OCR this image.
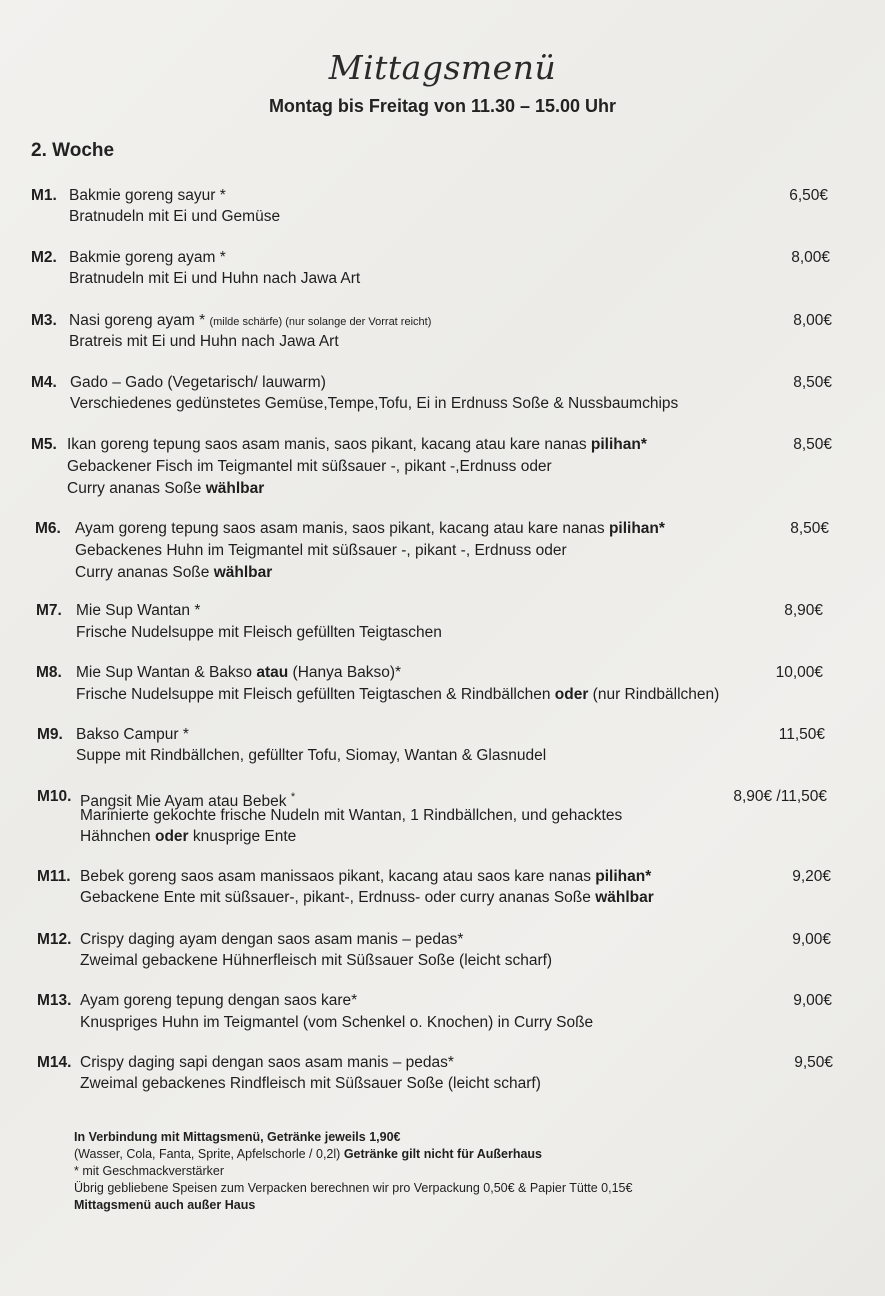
Mittagsmenü
Montag bis Freitag von 11.30 – 15.00 Uhr
2. Woche
M1. Bakmie goreng sayur *	6,50€
Bratnudeln mit Ei und Gemüse
M2. Bakmie goreng ayam *	8,00€
Bratnudeln mit Ei und Huhn nach Jawa Art
M3. Nasi goreng ayam * (milde schärfe) (nur solange der Vorrat reicht)	8,00€
Bratreis mit Ei und Huhn nach Jawa Art
M4. Gado – Gado (Vegetarisch/ lauwarm)	8,50€
Verschiedenes gedünstetes Gemüse,Tempe,Tofu, Ei in Erdnuss Soße & Nussbaumchips
M5. Ikan goreng tepung saos asam manis, saos pikant, kacang atau kare nanas pilihan*	8,50€
Gebackener Fisch im Teigmantel mit süßsauer -, pikant -,Erdnuss oder
Curry ananas Soße wählbar
M6. Ayam goreng tepung saos asam manis, saos pikant, kacang atau kare nanas pilihan*	8,50€
Gebackenes Huhn im Teigmantel mit süßsauer -, pikant -, Erdnuss oder
Curry ananas Soße wählbar
M7. Mie Sup Wantan *	8,90€
Frische Nudelsuppe mit Fleisch gefüllten Teigtaschen
M8. Mie Sup Wantan & Bakso atau (Hanya Bakso)*	10,00€
Frische Nudelsuppe mit Fleisch gefüllten Teigtaschen & Rindbällchen oder (nur Rindbällchen)
M9. Bakso Campur *	11,50€
Suppe mit Rindbällchen, gefüllter Tofu, Siomay, Wantan & Glasnudel
M10. Pangsit Mie Ayam atau Bebek *	8,90€ /11,50€
Marinierte gekochte frische Nudeln mit Wantan, 1 Rindbällchen, und gehacktes
Hähnchen oder knusprige Ente
M11. Bebek goreng saos asam manissaos pikant, kacang atau saos kare nanas pilihan*	9,20€
Gebackene Ente mit süßsauer-, pikant-, Erdnuss- oder curry ananas Soße wählbar
M12. Crispy daging ayam dengan saos asam manis – pedas*	9,00€
Zweimal gebackene Hühnerfleisch mit Süßsauer Soße (leicht scharf)
M13. Ayam goreng tepung dengan saos kare*	9,00€
Knuspriges Huhn im Teigmantel (vom Schenkel o. Knochen) in Curry Soße
M14. Crispy daging sapi dengan saos asam manis – pedas*	9,50€
Zweimal gebackenes Rindfleisch mit Süßsauer Soße (leicht scharf)
In Verbindung mit Mittagsmenü, Getränke jeweils 1,90€
(Wasser, Cola, Fanta, Sprite, Apfelschorle / 0,2l) Getränke gilt nicht für Außerhaus
* mit Geschmackverstärker
Übrig gebliebene Speisen zum Verpacken berechnen wir pro Verpackung 0,50€ & Papier Tütte 0,15€
Mittagsmenü auch außer Haus
